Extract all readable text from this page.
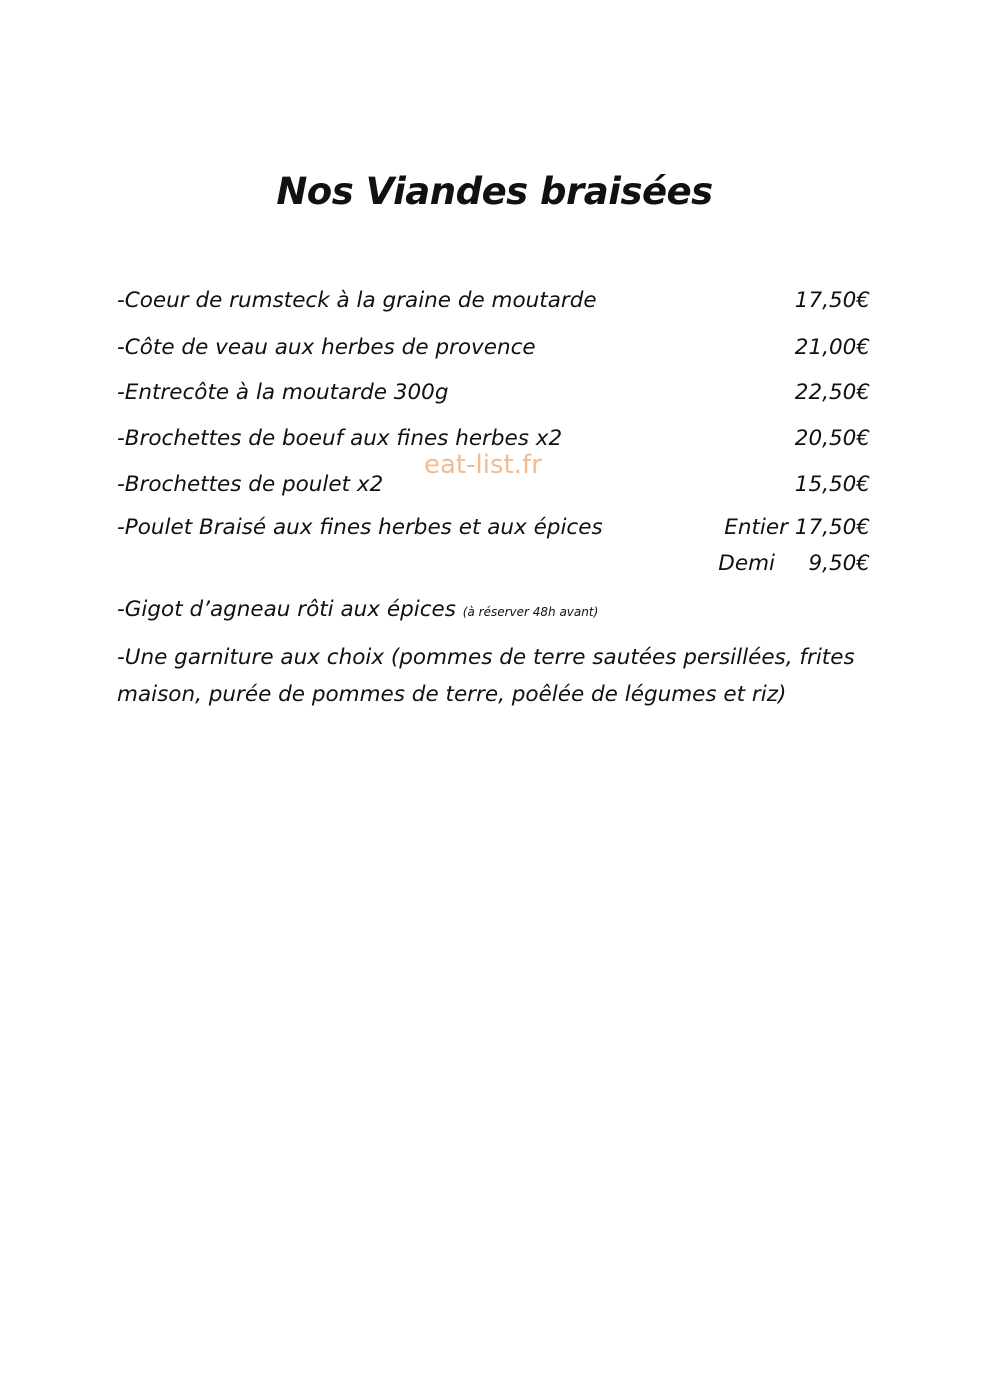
Nos Viandes braisées
-Coeur de rumsteck à la graine de moutarde	17,50€
-Côte de veau aux herbes de provence	21,00€
-Entrecôte à la moutarde 300g	22,50€
-Brochettes de boeuf aux fines herbes x2	20,50€
-Brochettes de poulet x2	15,50€
-Poulet Braisé aux fines herbes et aux épices	Entier 17,50€
Demi 9,50€
-Gigot d’agneau rôti aux épices (à réserver 48h avant)
-Une garniture aux choix (pommes de terre sautées persillées, frites maison, purée de pommes de terre, poêlée de légumes et riz)
eat-list.fr
